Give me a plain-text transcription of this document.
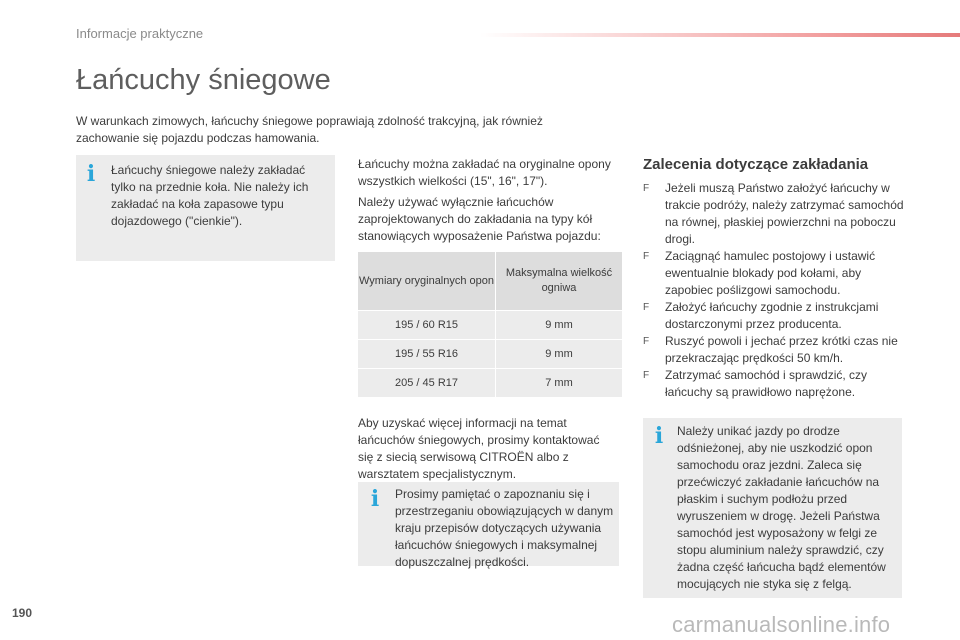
Informacje praktyczne
Łańcuchy śniegowe
W warunkach zimowych, łańcuchy śniegowe poprawiają zdolność trakcyjną, jak również zachowanie się pojazdu podczas hamowania.
i Łańcuchy śniegowe należy zakładać tylko na przednie koła. Nie należy ich zakładać na koła zapasowe typu dojazdowego ("cienkie").
Łańcuchy można zakładać na oryginalne opony wszystkich wielkości (15", 16", 17").
Należy używać wyłącznie łańcuchów zaprojektowanych do zakładania na typy kół stanowiących wyposażenie Państwa pojazdu:
Wymiary oryginalnych opon	Maksymalna wielkość ogniwa
195 / 60 R15	9 mm
195 / 55 R16	9 mm
205 / 45 R17	7 mm
Aby uzyskać więcej informacji na temat łańcuchów śniegowych, prosimy kontaktować się z siecią serwisową CITROËN albo z warsztatem specjalistycznym.
i Prosimy pamiętać o zapoznaniu się i przestrzeganiu obowiązujących w danym kraju przepisów dotyczących używania łańcuchów śniegowych i maksymalnej dopuszczalnej prędkości.
Zalecenia dotyczące zakładania
F Jeżeli muszą Państwo założyć łańcuchy w trakcie podróży, należy zatrzymać samochód na równej, płaskiej powierzchni na poboczu drogi.
F Zaciągnąć hamulec postojowy i ustawić ewentualnie blokady pod kołami, aby zapobiec poślizgowi samochodu.
F Założyć łańcuchy zgodnie z instrukcjami dostarczonymi przez producenta.
F Ruszyć powoli i jechać przez krótki czas nie przekraczając prędkości 50 km/h.
F Zatrzymać samochód i sprawdzić, czy łańcuchy są prawidłowo naprężone.
i Należy unikać jazdy po drodze odśnieżonej, aby nie uszkodzić opon samochodu oraz jezdni. Zaleca się przećwiczyć zakładanie łańcuchów na płaskim i suchym podłożu przed wyruszeniem w drogę. Jeżeli Państwa samochód jest wyposażony w felgi ze stopu aluminium należy sprawdzić, czy żadna część łańcucha bądź elementów mocujących nie styka się z felgą.
190	carmanualsonline.info
